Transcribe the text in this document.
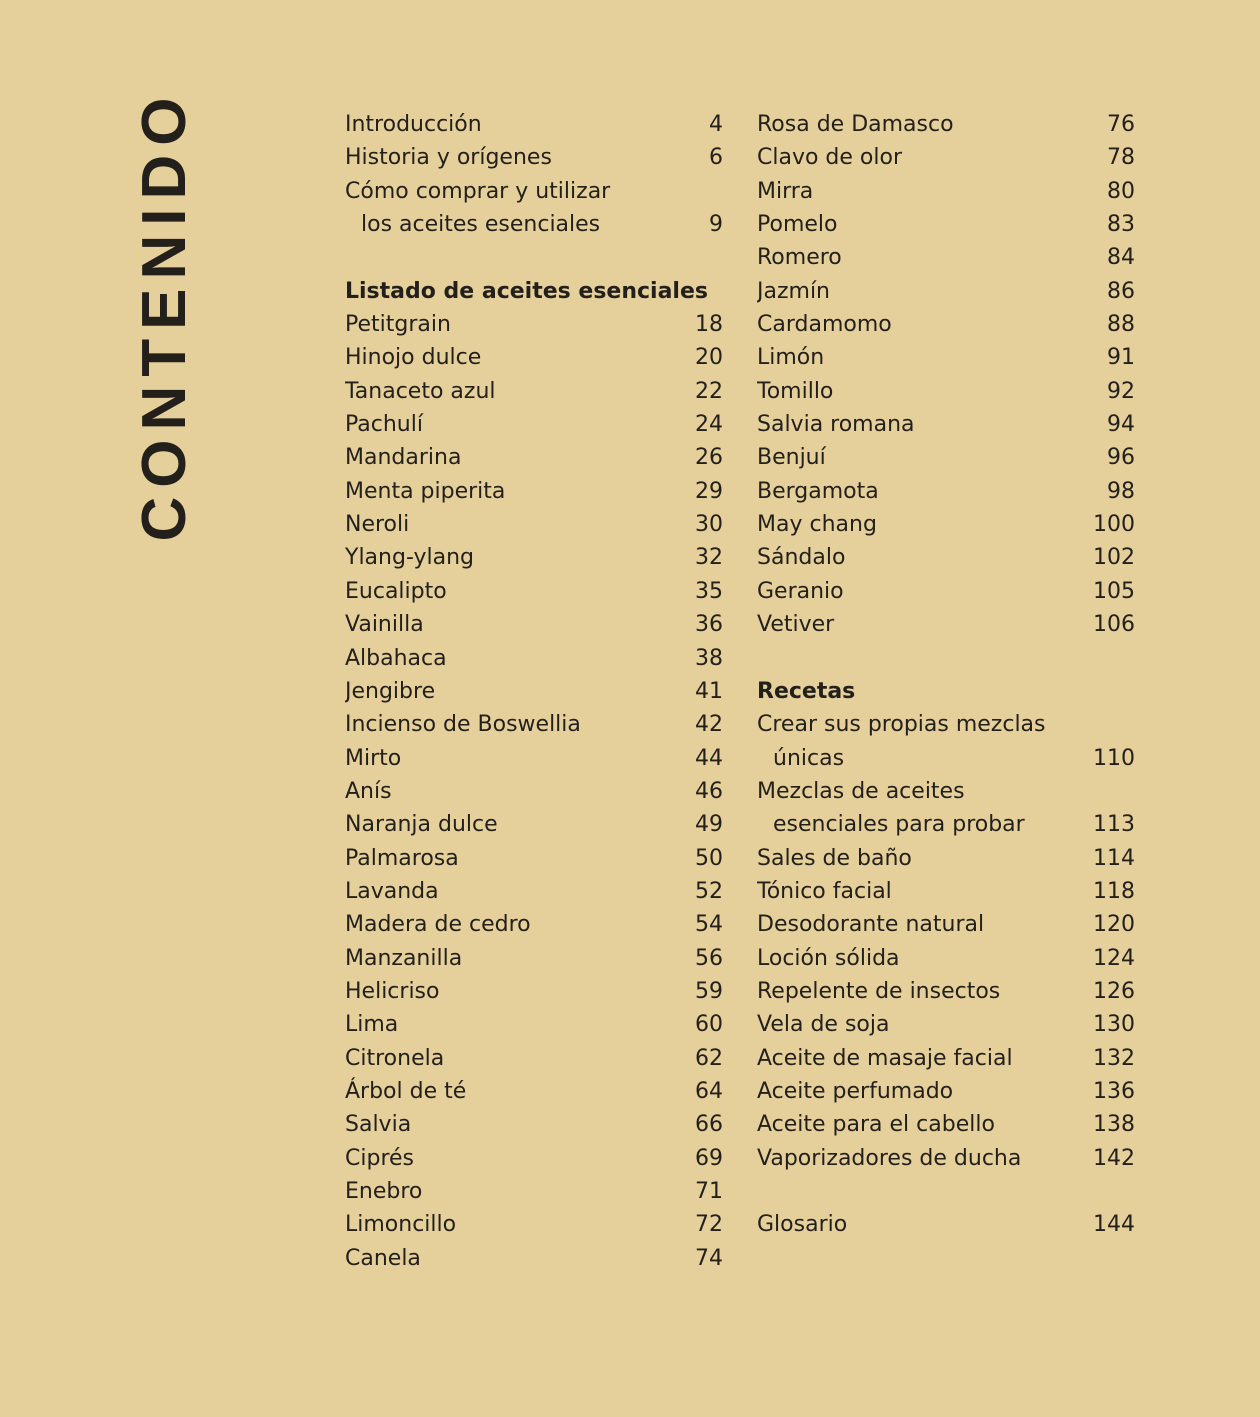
CONTENIDO	Introducción	4
Historia y orígenes	6
Cómo comprar y utilizar
los aceites esenciales	9
Listado de aceites esenciales
Petitgrain	18
Hinojo dulce	20
Tanaceto azul	22
Pachulí	24
Mandarina	26
Menta piperita	29
Neroli	30
Ylang-ylang	32
Eucalipto	35
Vainilla	36
Albahaca	38
Jengibre	41
Incienso de Boswellia	42
Mirto	44
Anís	46
Naranja dulce	49
Palmarosa	50
Lavanda	52
Madera de cedro	54
Manzanilla	56
Helicriso	59
Lima	60
Citronela	62
Árbol de té	64
Salvia	66
Ciprés	69
Enebro	71
Limoncillo	72
Canela	74
Rosa de Damasco	76
Clavo de olor	78
Mirra	80
Pomelo	83
Romero	84
Jazmín	86
Cardamomo	88
Limón	91
Tomillo	92
Salvia romana	94
Benjuí	96
Bergamota	98
May chang	100
Sándalo	102
Geranio	105
Vetiver	106
Recetas
Crear sus propias mezclas
únicas	110
Mezclas de aceites
esenciales para probar	113
Sales de baño	114
Tónico facial	118
Desodorante natural	120
Loción sólida	124
Repelente de insectos	126
Vela de soja	130
Aceite de masaje facial	132
Aceite perfumado	136
Aceite para el cabello	138
Vaporizadores de ducha	142
Glosario	144
